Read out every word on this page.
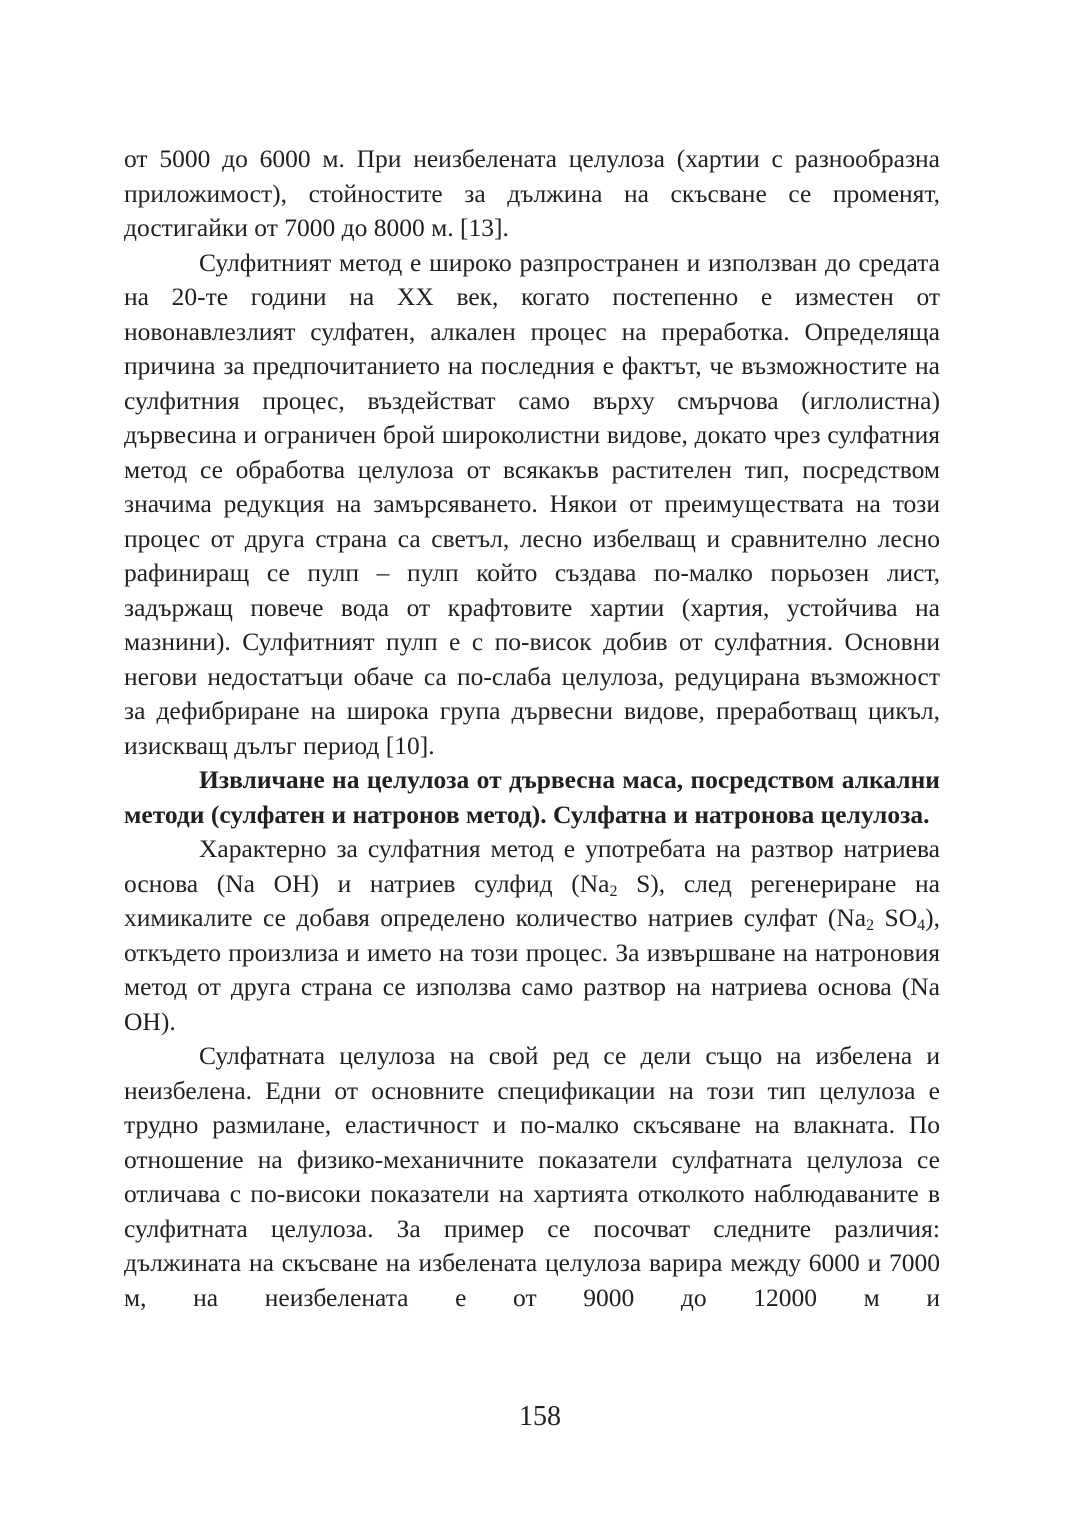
от 5000 до 6000 м. При неизбелената целулоза (хартии с разнообразна приложимост), стойностите за дължина на скъсване се променят, достигайки от 7000 до 8000 м. [13].

Сулфитният метод е широко разпространен и използван до средата на 20-те години на XX век, когато постепенно е изместен от новонавлезлият сулфатен, алкален процес на преработка. Определяща причина за предпочитанието на последния е фактът, че възможностите на сулфитния процес, въздействат само върху смърчова (иглолистна) дървесина и ограничен брой широколистни видове, докато чрез сулфатния метод се обработва целулоза от всякакъв растителен тип, посредством значима редукция на замърсяването. Някои от преимуществата на този процес от друга страна са светъл, лесно избелващ и сравнително лесно рафиниращ се пулп – пулп който създава по-малко порьозен лист, задържащ повече вода от крафтовите хартии (хартия, устойчива на мазнини). Сулфитният пулп е с по-висок добив от сулфатния. Основни негови недостатъци обаче са по-слаба целулоза, редуцирана възможност за дефибриране на широка група дървесни видове, преработващ цикъл, изискващ дълъг период [10].

Извличане на целулоза от дървесна маса, посредством алкални методи (сулфатен и натронов метод). Сулфатна и натронова целулоза.

Характерно за сулфатния метод е употребата на разтвор натриева основа (Na OH) и натриев сулфид ($Na_2$ S), след регенериране на химикалите се добавя определено количество натриев сулфат ($Na_2$ $SO_4$), откъдето произлиза и името на този процес. За извършване на натроновия метод от друга страна се използва само разтвор на натриева основа (Na OH).

Сулфатната целулоза на свой ред се дели също на избелена и неизбелена. Едни от основните спецификации на този тип целулоза е трудно размилане, еластичност и по-малко скъсяване на влакната. По отношение на физико-механичните показатели сулфатната целулоза се отличава с по-високи показатели на хартията отколкото наблюдаваните в сулфитната целулоза. За пример се посочват следните различия: дължината на скъсване на избелената целулоза варира между 6000 и 7000 м, на неизбелената е от 9000 до 12000 м и

158
